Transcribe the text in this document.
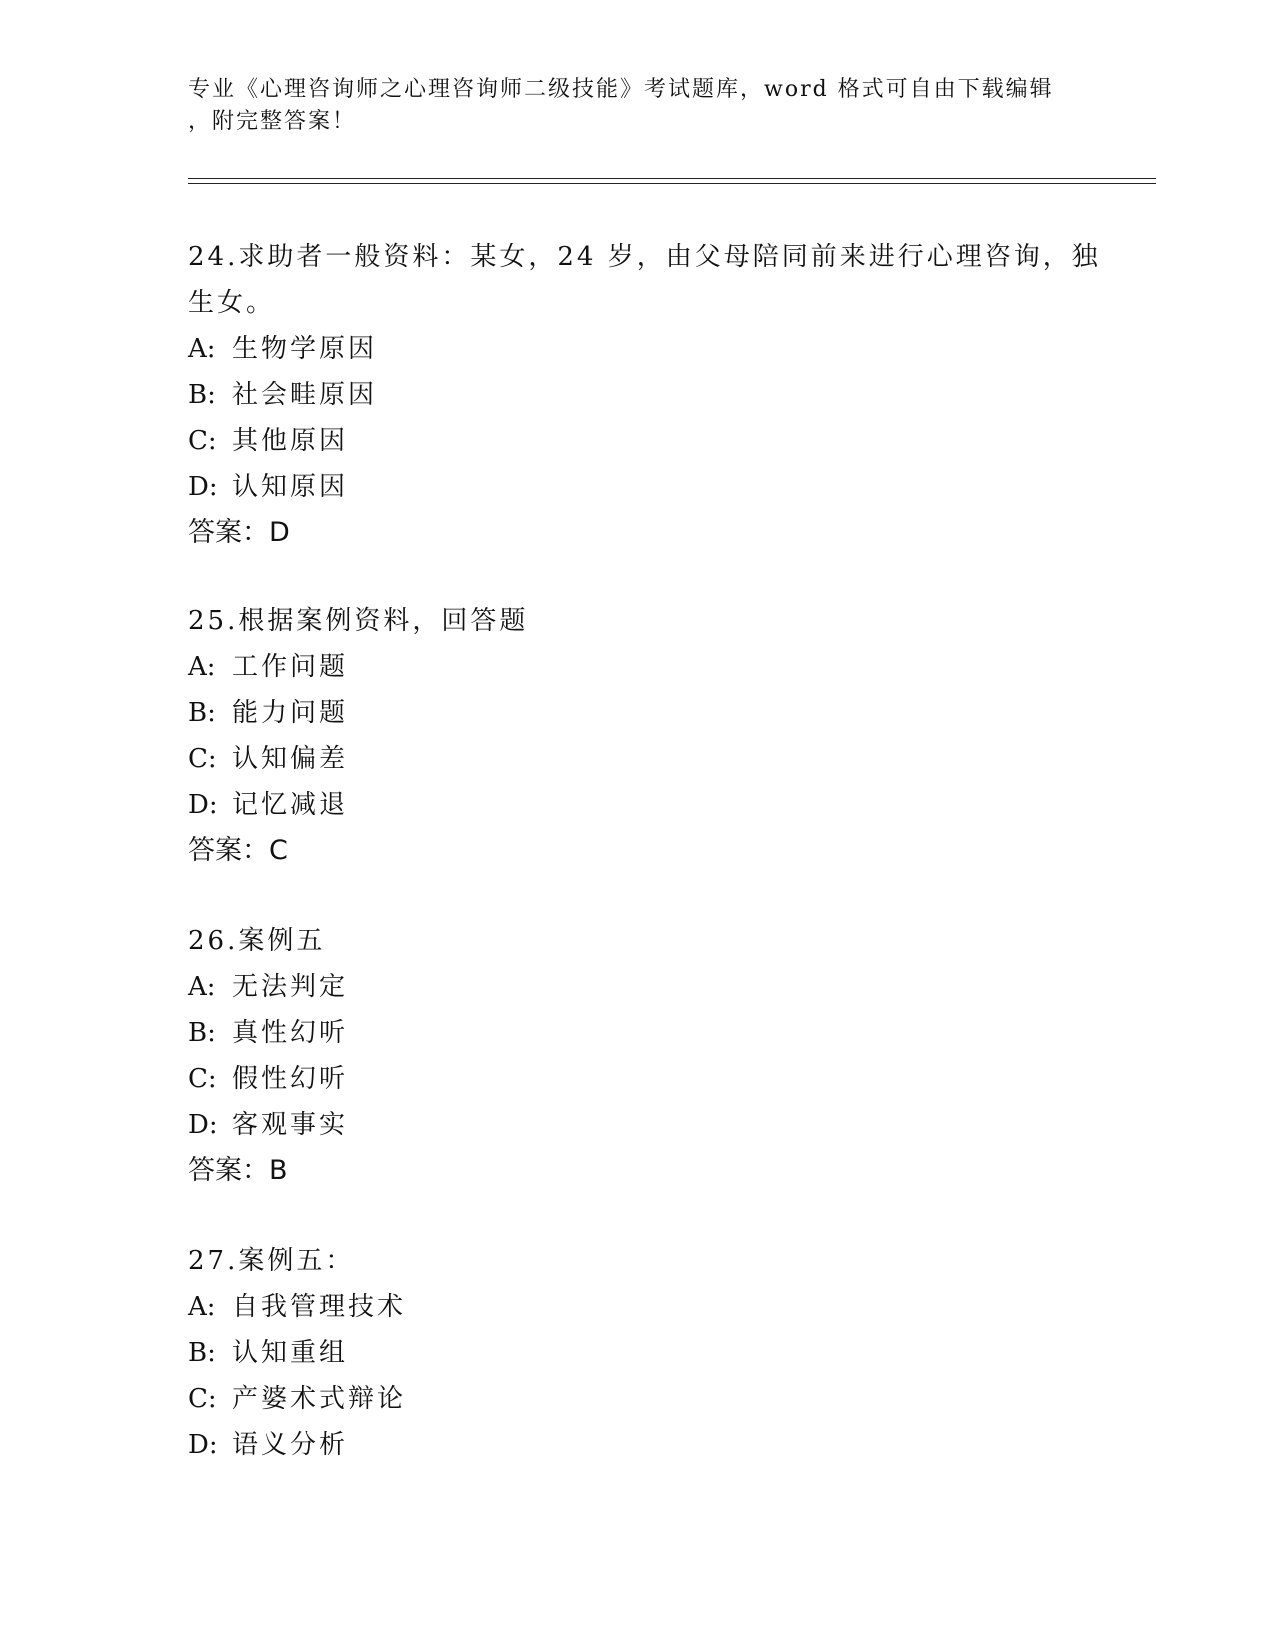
专业《心理咨询师之心理咨询师二级技能》考试题库，word 格式可自由下载编辑
，附完整答案！
24.求助者一般资料：某女，24 岁，由父母陪同前来进行心理咨询，独
生女。
A: 生物学原因
B: 社会畦原因
C: 其他原因
D: 认知原因
答案：D
25.根据案例资料，回答题
A: 工作问题
B: 能力问题
C: 认知偏差
D: 记忆减退
答案：C
26.案例五
A: 无法判定
B: 真性幻听
C: 假性幻听
D: 客观事实
答案：B
27.案例五：
A: 自我管理技术
B: 认知重组
C: 产婆术式辩论
D: 语义分析
